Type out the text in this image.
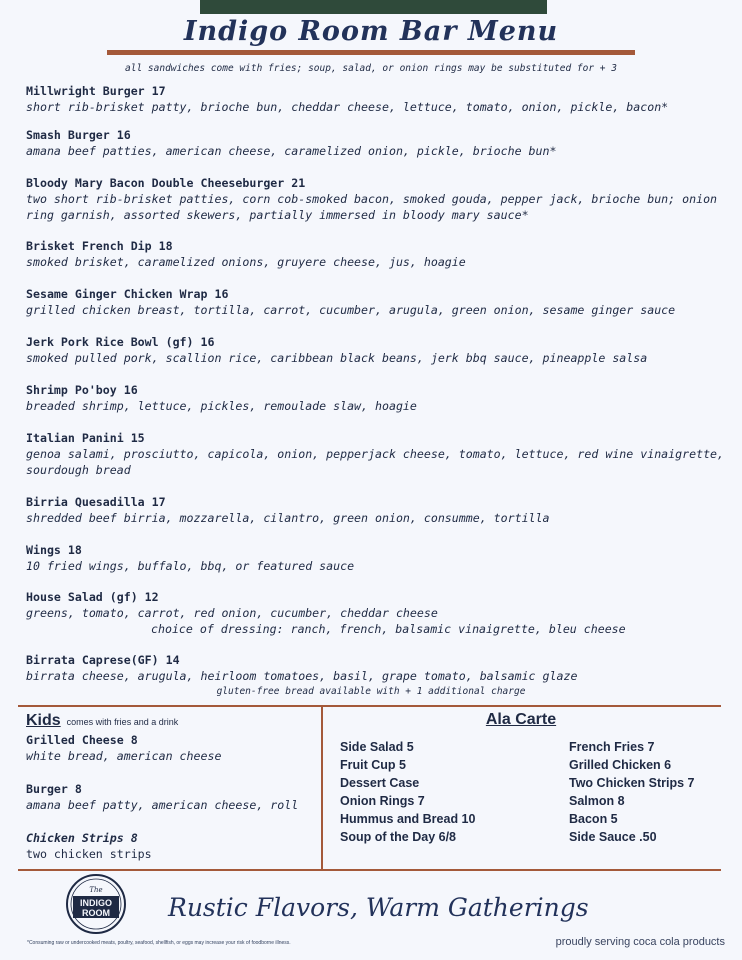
Indigo Room Bar Menu
all sandwiches come with fries; soup, salad, or onion rings may be substituted for + 3
Millwright Burger 17
short rib-brisket patty, brioche bun, cheddar cheese, lettuce, tomato, onion, pickle, bacon*
Smash Burger 16
amana beef patties, american cheese, caramelized onion, pickle, brioche bun*
Bloody Mary Bacon Double Cheeseburger 21
two short rib-brisket patties, corn cob-smoked bacon, smoked gouda, pepper jack, brioche bun; onion ring garnish, assorted skewers, partially immersed in bloody mary sauce*
Brisket French Dip 18
smoked brisket, caramelized onions, gruyere cheese, jus, hoagie
Sesame Ginger Chicken Wrap 16
grilled chicken breast, tortilla, carrot, cucumber, arugula, green onion, sesame ginger sauce
Jerk Pork Rice Bowl (gf) 16
smoked pulled pork, scallion rice, caribbean black beans, jerk bbq sauce, pineapple salsa
Shrimp Po'boy 16
breaded shrimp, lettuce, pickles, remoulade slaw, hoagie
Italian Panini 15
genoa salami, prosciutto, capicola, onion, pepperjack cheese, tomato, lettuce, red wine vinaigrette, sourdough bread
Birria Quesadilla 17
shredded beef birria, mozzarella, cilantro, green onion, consumme, tortilla
Wings 18
10 fried wings, buffalo, bbq, or featured sauce
House Salad (gf) 12
greens, tomato, carrot, red onion, cucumber, cheddar cheese
choice of dressing: ranch, french, balsamic vinaigrette, bleu cheese
Birrata Caprese(GF) 14
birrata cheese, arugula, heirloom tomatoes, basil, grape tomato, balsamic glaze
gluten-free bread available with + 1 additional charge
Kids comes with fries and a drink
Grilled Cheese 8
white bread, american cheese
Burger 8
amana beef patty, american cheese, roll
Chicken Strips 8
two chicken strips
Ala Carte
Side Salad 5
Fruit Cup 5
Dessert Case
Onion Rings 7
Hummus and Bread 10
Soup of the Day 6/8
French Fries 7
Grilled Chicken 6
Two Chicken Strips 7
Salmon 8
Bacon 5
Side Sauce .50
The
INDIGO
ROOM Rustic Flavors, Warm Gatherings
*Consuming raw or undercooked meats, poultry, seafood, shellfish, or eggs may increase your risk of foodborne illness.	proudly serving coca cola products
